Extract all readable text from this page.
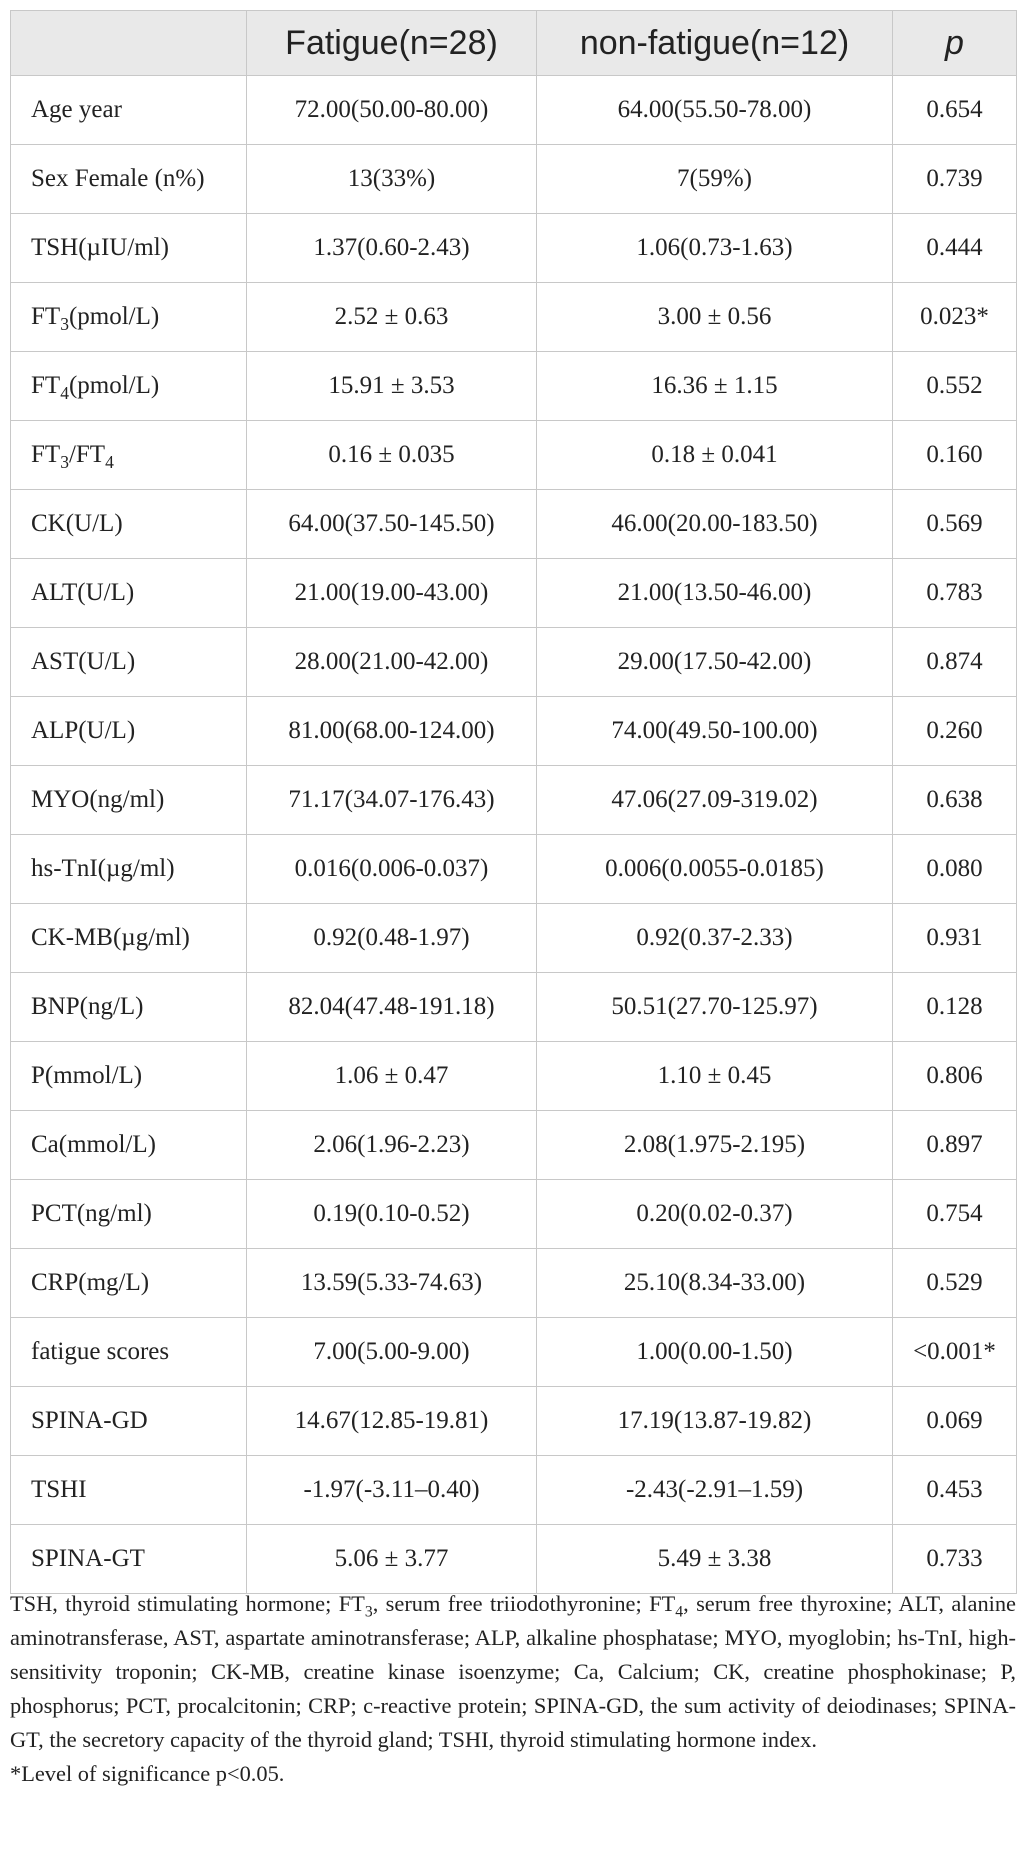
	Fatigue(n=28)	non-fatigue(n=12)	p
Age year	72.00(50.00-80.00)	64.00(55.50-78.00)	0.654
Sex Female (n%)	13(33%)	7(59%)	0.739
TSH(µIU/ml)	1.37(0.60-2.43)	1.06(0.73-1.63)	0.444
$FT_3(pmol/L)$	2.52 ± 0.63	3.00 ± 0.56	0.023*
$FT_4(pmol/L)$	15.91 ± 3.53	16.36 ± 1.15	0.552
$FT_3/FT_4$	0.16 ± 0.035	0.18 ± 0.041	0.160
CK(U/L)	64.00(37.50-145.50)	46.00(20.00-183.50)	0.569
ALT(U/L)	21.00(19.00-43.00)	21.00(13.50-46.00)	0.783
AST(U/L)	28.00(21.00-42.00)	29.00(17.50-42.00)	0.874
ALP(U/L)	81.00(68.00-124.00)	74.00(49.50-100.00)	0.260
MYO(ng/ml)	71.17(34.07-176.43)	47.06(27.09-319.02)	0.638
hs-TnI(µg/ml)	0.016(0.006-0.037)	0.006(0.0055-0.0185)	0.080
CK-MB(µg/ml)	0.92(0.48-1.97)	0.92(0.37-2.33)	0.931
BNP(ng/L)	82.04(47.48-191.18)	50.51(27.70-125.97)	0.128
P(mmol/L)	1.06 ± 0.47	1.10 ± 0.45	0.806
Ca(mmol/L)	2.06(1.96-2.23)	2.08(1.975-2.195)	0.897
PCT(ng/ml)	0.19(0.10-0.52)	0.20(0.02-0.37)	0.754
CRP(mg/L)	13.59(5.33-74.63)	25.10(8.34-33.00)	0.529
fatigue scores	7.00(5.00-9.00)	1.00(0.00-1.50)	<0.001*
SPINA-GD	14.67(12.85-19.81)	17.19(13.87-19.82)	0.069
TSHI	-1.97(-3.11–0.40)	-2.43(-2.91–1.59)	0.453
SPINA-GT	5.06 ± 3.77	5.49 ± 3.38	0.733

TSH, thyroid stimulating hormone; $FT_3$, serum free triiodothyronine; $FT_4$, serum free thyroxine; ALT, alanine aminotransferase, AST, aspartate aminotransferase; ALP, alkaline phosphatase; MYO, myoglobin; hs-TnI, high-sensitivity troponin; CK-MB, creatine kinase isoenzyme; Ca, Calcium; CK, creatine phosphokinase; P, phosphorus; PCT, procalcitonin; CRP; c-reactive protein; SPINA-GD, the sum activity of deiodinases; SPINA-GT, the secretory capacity of the thyroid gland; TSHI, thyroid stimulating hormone index.

*Level of significance p<0.05.
